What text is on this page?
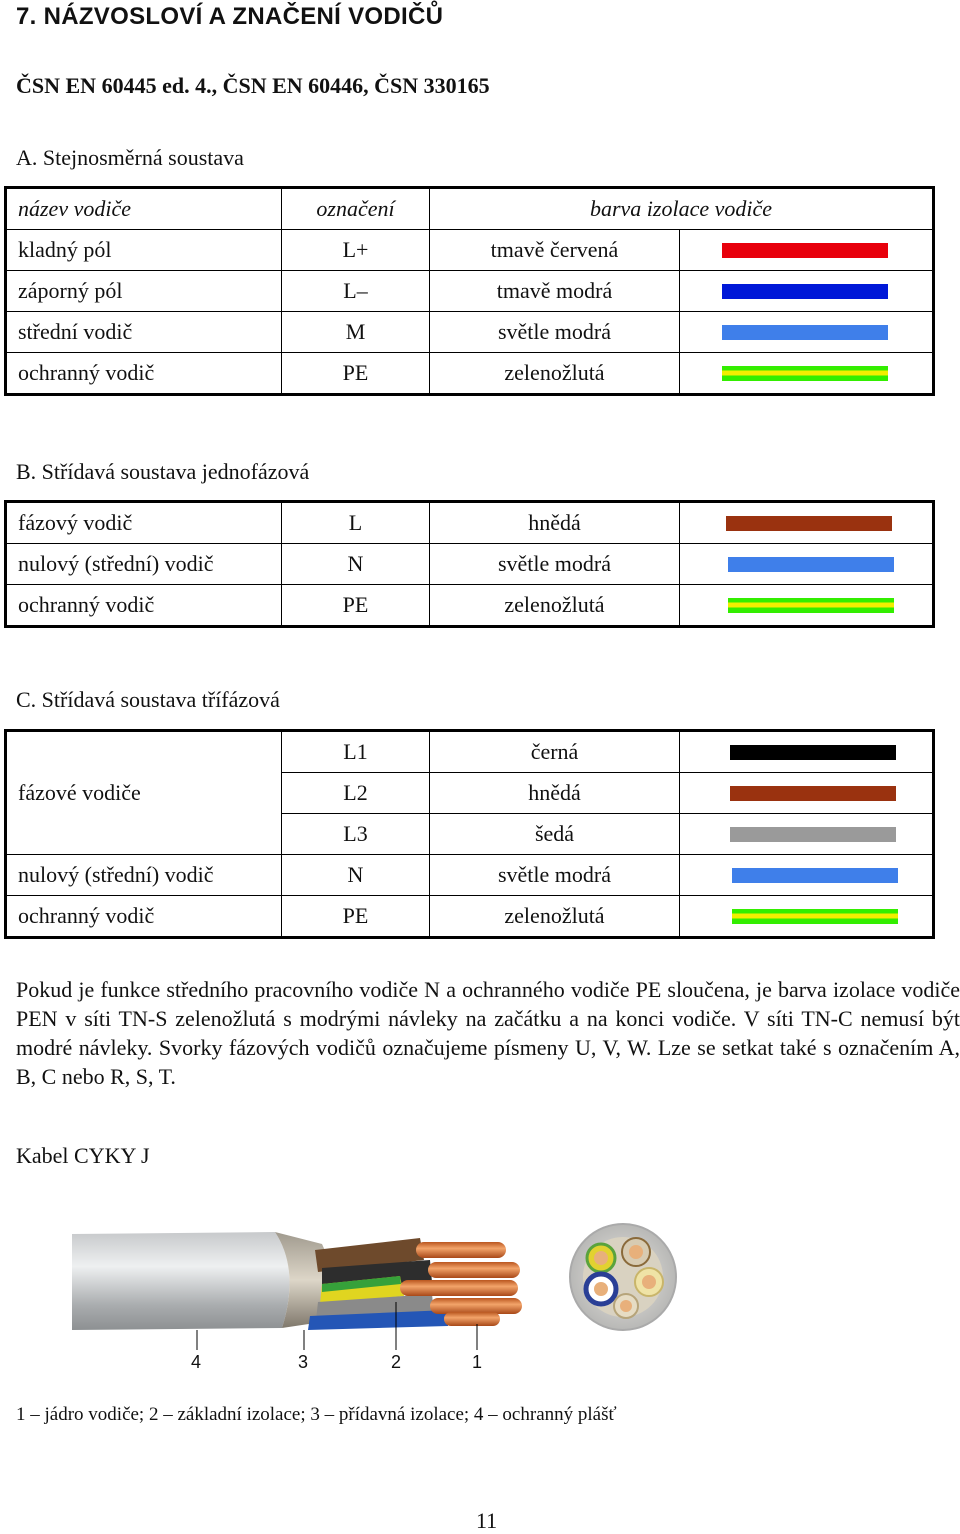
7. NÁZVOSLOVÍ A ZNAČENÍ VODIČŮ
ČSN EN 60445 ed. 4., ČSN EN 60446, ČSN 330165
A. Stejnosměrná soustava
název vodiče	označení	barva izolace vodiče	
kladný pól	L+	tmavě červená	

záporný pól	L–	tmavě modrá	

střední vodič	M	světle modrá	

ochranný vodič	PE	zelenožlutá	
B. Střídavá soustava jednofázová
fázový vodič	L	hnědá	

nulový (střední) vodič	N	světle modrá	

ochranný vodič	PE	zelenožlutá	
C. Střídavá soustava třífázová
fázové vodiče	L1	černá	

	L2	hnědá	

	L3	šedá	

nulový (střední) vodič	N	světle modrá	

ochranný vodič	PE	zelenožlutá	
Pokud je funkce středního pracovního vodiče N a ochranného vodiče PE sloučena, je barva izolace vodiče PEN v síti TN-S zelenožlutá s modrými návleky na začátku a na konci vodiče. V síti TN-C nemusí být modré návleky. Svorky fázových vodičů označujeme písmeny U, V, W. Lze se setkat také s označením A, B, C nebo R, S, T.
Kabel CYKY J
4	3	2	1
1 – jádro vodiče; 2 – základní izolace; 3 – přídavná izolace; 4 – ochranný plášť
11
